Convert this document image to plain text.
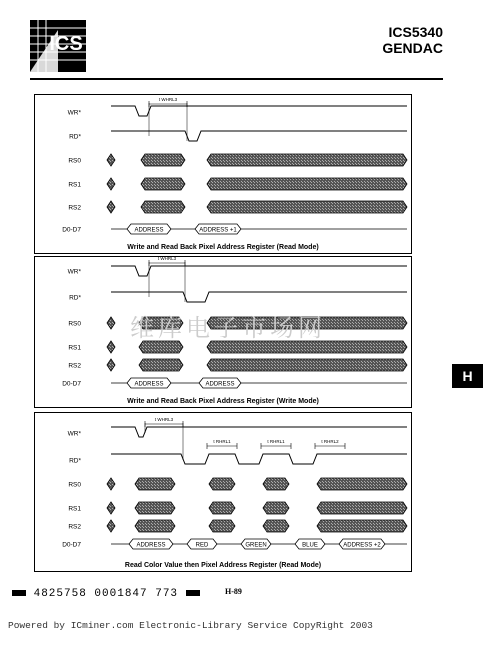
ICS
ICS5340
GENDAC
WR*
RD*
RS0
RS1
RS2
D0-D7
t WHRL3
ADDRESS	ADDRESS +1
Write and Read Back Pixel Address Register (Read Mode)
WR*
RD*
RS0
RS1
RS2
D0-D7
t WHRL3
ADDRESS	ADDRESS
Write and Read Back Pixel Address Register (Write Mode)
WR*
RD*
RS0
RS1
RS2
D0-D7
t WHRL3
t RHRL1	t RHRL1	t RHRL2
ADDRESS	RED	GREEN	BLUE	ADDRESS +2
Read Color Value then Pixel Address Register (Read Mode)
维库电子市场网
H
4825758 0001847 773	H-89
Powered by ICminer.com Electronic-Library Service CopyRight 2003
